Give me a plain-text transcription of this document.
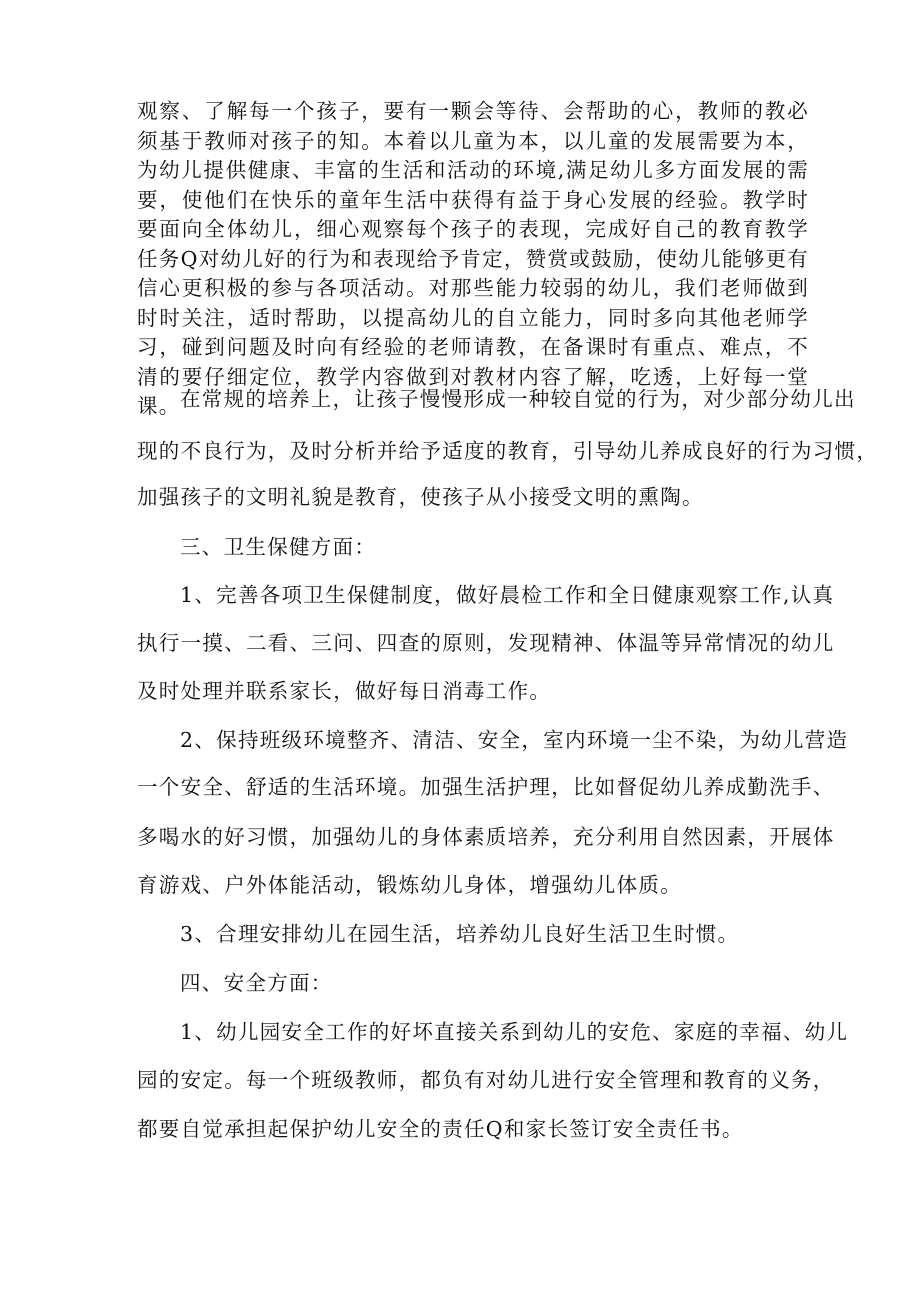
观察、了解每一个孩子，要有一颗会等待、会帮助的心，教师的教必须基于教师对孩子的知。本着以儿童为本，以儿童的发展需要为本，为幼儿提供健康、丰富的生活和活动的环境,满足幼儿多方面发展的需要，使他们在快乐的童年生活中获得有益于身心发展的经验。教学时要面向全体幼儿，细心观察每个孩子的表现，完成好自己的教育教学任务Q对幼儿好的行为和表现给予肯定，赞赏或鼓励，使幼儿能够更有信心更积极的参与各项活动。对那些能力较弱的幼儿，我们老师做到时时关注，适时帮助，以提高幼儿的自立能力，同时多向其他老师学习，碰到问题及时向有经验的老师请教，在备课时有重点、难点，不清的要仔细定位，教学内容做到对教材内容了解，吃透，上好每一堂课。 在常规的培养上，让孩子慢慢形成一种较自觉的行为，对少部分幼儿出

现的不良行为，及时分析并给予适度的教育，引导幼儿养成良好的行为习惯，

加强孩子的文明礼貌是教育，使孩子从小接受文明的熏陶。

三、卫生保健方面：

1、完善各项卫生保健制度，做好晨检工作和全日健康观察工作,认真

执行一摸、二看、三问、四查的原则，发现精神、体温等异常情况的幼儿

及时处理并联系家长，做好每日消毒工作。

2、保持班级环境整齐、清洁、安全，室内环境一尘不染，为幼儿营造

一个安全、舒适的生活环境。加强生活护理，比如督促幼儿养成勤洗手、

多喝水的好习惯，加强幼儿的身体素质培养，充分利用自然因素，开展体

育游戏、户外体能活动，锻炼幼儿身体，增强幼儿体质。

3、合理安排幼儿在园生活，培养幼儿良好生活卫生时惯。

四、安全方面：

1、幼儿园安全工作的好坏直接关系到幼儿的安危、家庭的幸福、幼儿

园的安定。每一个班级教师，都负有对幼儿进行安全管理和教育的义务，

都要自觉承担起保护幼儿安全的责任Q和家长签订安全责任书。
